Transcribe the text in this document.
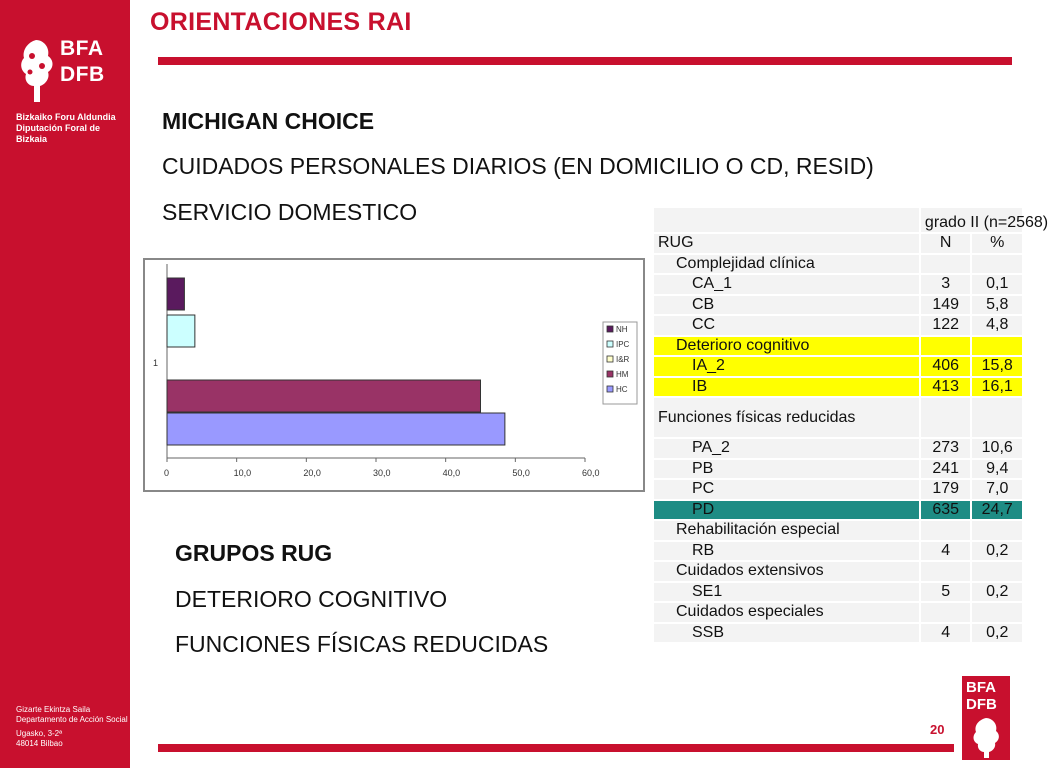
BFA
DFB
Bizkaiko Foru Aldundia
Diputación Foral de Bizkaia
Gizarte Ekintza Saila
Departamento de Acción Social
Ugasko, 3-2ª
48014 Bilbao
ORIENTACIONES RAI
MICHIGAN CHOICE
CUIDADOS PERSONALES DIARIOS (EN DOMICILIO O CD, RESID)
SERVICIO DOMESTICO
1
0	10,0	20,0	30,0	40,0	50,0	60,0
NH
IPC
I&R
HM
HC
GRUPOS RUG
DETERIORO COGNITIVO
FUNCIONES FÍSICAS REDUCIDAS
	grado II (n=2568)	
RUG	N	%
Complejidad clínica		
CA_1	3	0,1
CB	149	5,8
CC	122	4,8
Deterioro cognitivo		
IA_2	406	15,8
IB	413	16,1
Funciones físicas reducidas		
PA_2	273	10,6
PB	241	9,4
PC	179	7,0
PD	635	24,7
Rehabilitación especial		
RB	4	0,2
Cuidados extensivos		
SE1	5	0,2
Cuidados especiales		
SSB	4	0,2
20
BFA
DFB
